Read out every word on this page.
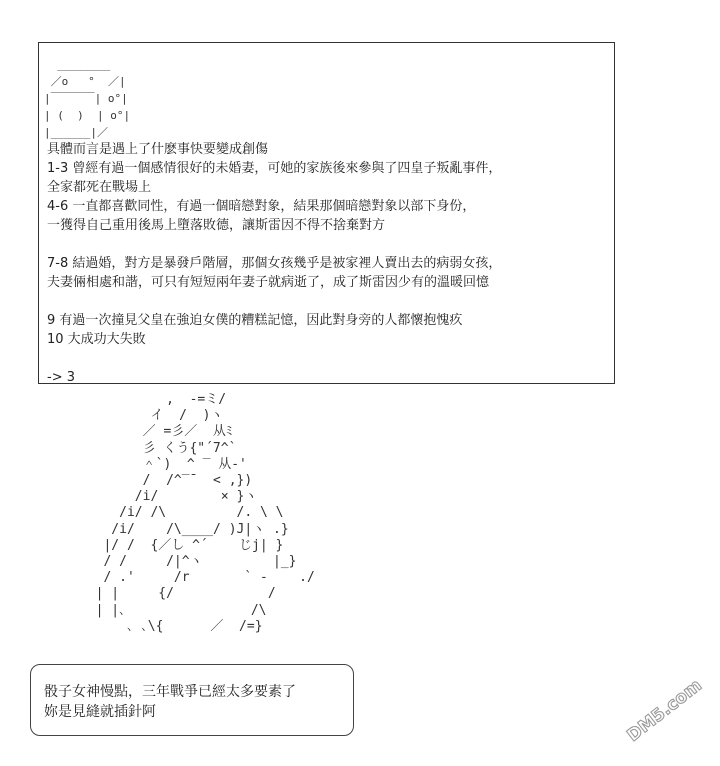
________
／o   °  ／|
|￣￣￣￣| o°|
| (  )  | o°|
|______|／
具體而言是遇上了什麽事快要變成創傷
1-3 曾經有過一個感情很好的未婚妻，可她的家族後來參與了四皇子叛亂事件，
全家都死在戰場上
4-6 一直都喜歡同性，有過一個暗戀對象，結果那個暗戀對象以部下身份，
一獲得自己重用後馬上墮落敗德，讓斯雷因不得不捨棄對方
7-8 結過婚，對方是暴發戶階層，那個女孩幾乎是被家裡人賣出去的病弱女孩，
夫妻倆相處和諧，可只有短短兩年妻子就病逝了，成了斯雷因少有的溫暖回憶
9 有過一次撞見父皇在強迫女僕的糟糕記憶，因此對身旁的人都懷抱愧疚
10 大成功大失敗
-> 3
,  -=ミ/
イ  /  )ヽ
／ =彡／  从ﾐ
彡 くう{"´7^`
＾`)  ^ ‾ 从-'
/  /^‾¯  < ,})
/i/        × }ヽ
/i/ /\         /. \ \
/i/    /\____/ )J|ヽ .}
|/ /  {／し ^´    じj| }
/ /     /|^ヽ         |_}
/ .'     /r       ` -    ./
| |     {/            /
| |､                /\
､ ､\{      ／  /=}
骰子女神慢點，三年戰爭已經太多要素了
妳是見縫就插針阿	DM5.com
